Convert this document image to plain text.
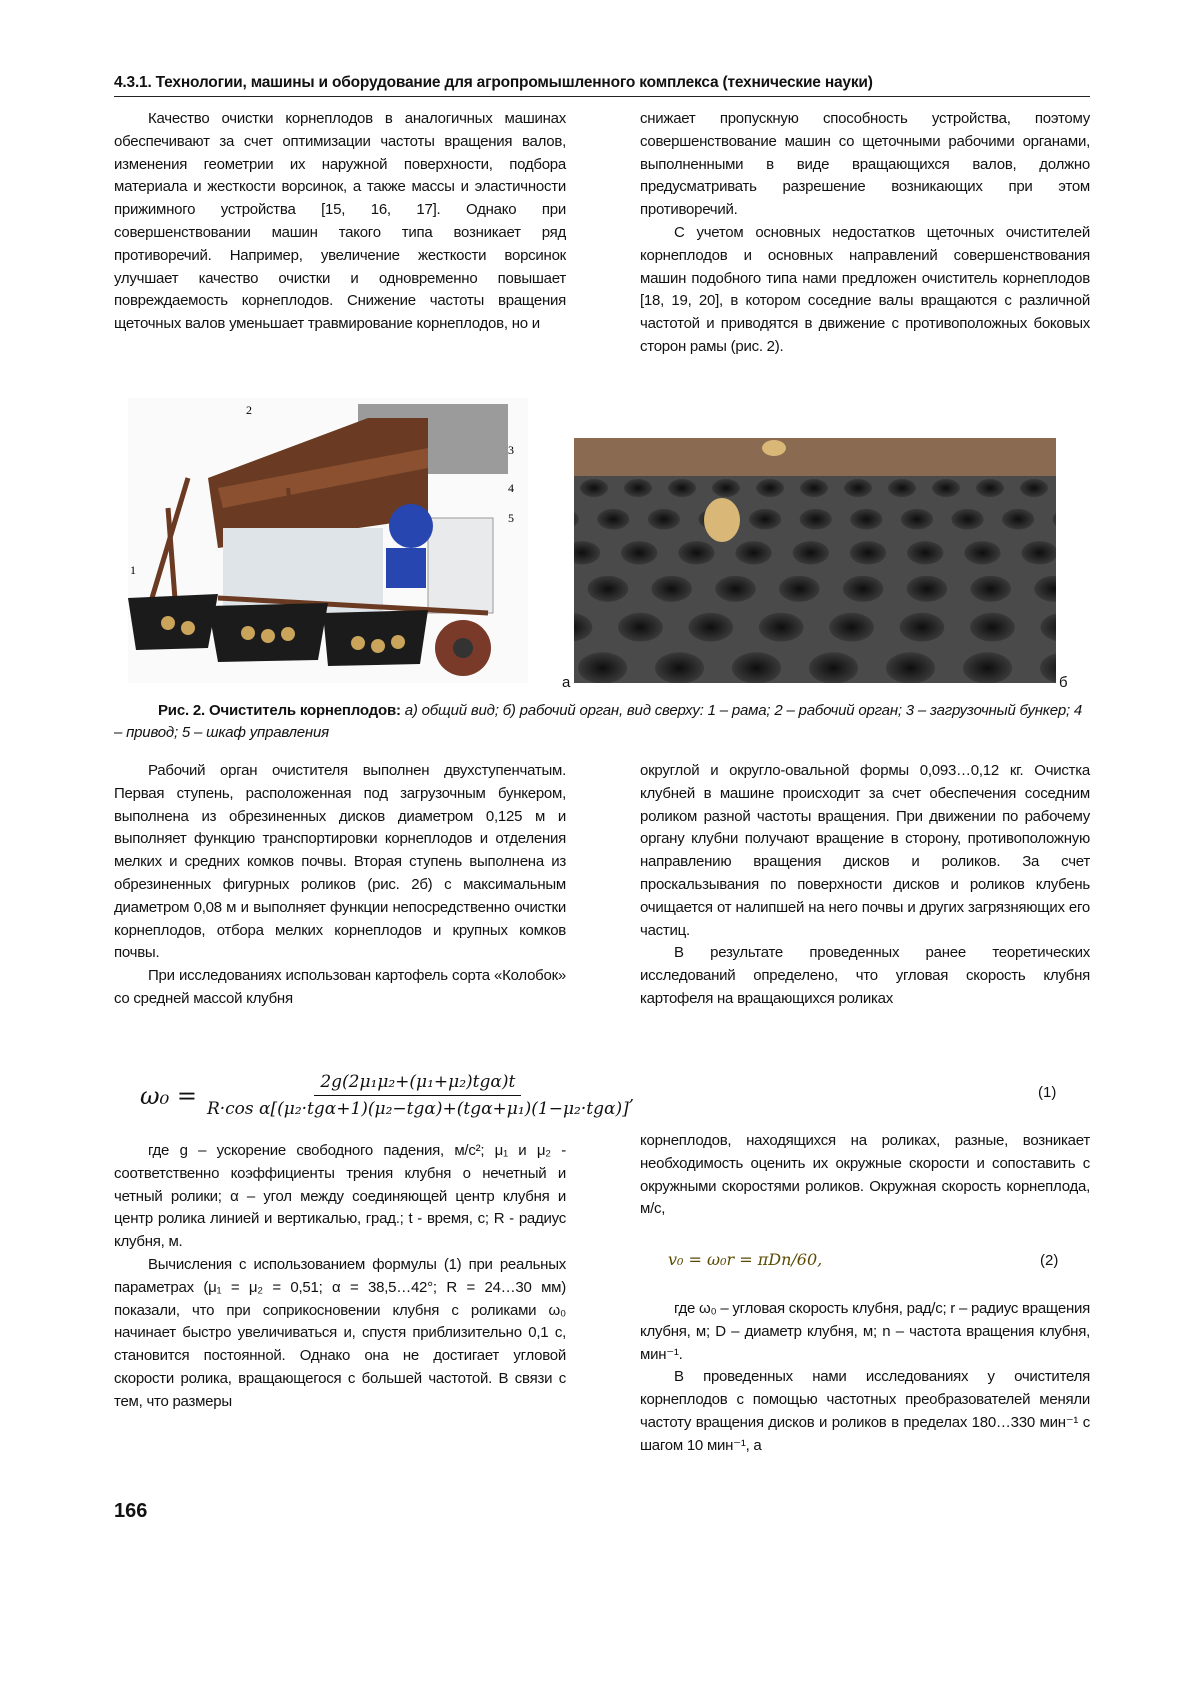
4.3.1. Технологии, машины и оборудование для агропромышленного комплекса (технические науки)

Качество очистки корнеплодов в аналогичных машинах обеспечивают за счет оптимизации частоты вращения валов, изменения геометрии их наружной поверхности, подбора материала и жесткости ворсинок, а также массы и эластичности прижимного устройства [15, 16, 17]. Однако при совершенствовании машин такого типа возникает ряд противоречий. Например, увеличение жесткости ворсинок улучшает качество очистки и одновременно повышает повреждаемость корнеплодов. Снижение частоты вращения щеточных валов уменьшает травмирование корнеплодов, но и

снижает пропускную способность устройства, поэтому совершенствование машин со щеточными рабочими органами, выполненными в виде вращающихся валов, должно предусматривать разрешение возникающих при этом противоречий.

С учетом основных недостатков щеточных очистителей корнеплодов и основных направлений совершенствования машин подобного типа нами предложен очиститель корнеплодов [18, 19, 20], в котором соседние валы вращаются с различной частотой и приводятся в движение с противоположных боковых сторон рамы (рис. 2).

2
3
4
5
1
а	б
Рис. 2. Очиститель корнеплодов: а) общий вид; б) рабочий орган, вид сверху: 1 – рама; 2 – рабочий орган; 3 – загрузочный бункер; 4 – привод; 5 – шкаф управления

Рабочий орган очистителя выполнен двухступенчатым. Первая ступень, расположенная под загрузочным бункером, выполнена из обрезиненных дисков диаметром 0,125 м и выполняет функцию транспортировки корнеплодов и отделения мелких и средних комков почвы. Вторая ступень выполнена из обрезиненных фигурных роликов (рис. 2б) с максимальным диаметром 0,08 м и выполняет функции непосредственно очистки корнеплодов, отбора мелких корнеплодов и крупных комков почвы.

При исследованиях использован картофель сорта «Колобок» со средней массой клубня

округлой и округло-овальной формы 0,093…0,12 кг. Очистка клубней в машине происходит за счет обеспечения соседним роликом разной частоты вращения. При движении по рабочему органу клубни получают вращение в сторону, противоположную направлению вращения дисков и роликов. За счет проскальзывания по поверхности дисков и роликов клубень очищается от налипшей на него почвы и других загрязняющих его частиц.

В результате проведенных ранее теоретических исследований определено, что угловая скорость клубня картофеля на вращающихся роликах

$\omega_0 = \frac{\text{2g(2μ₁μ₂+(μ₁+μ₂)tgα)t}}{\text{R·cos α[(μ₂·tgα+1)(μ₂−tgα)+(tgα+μ₁)(1−μ₂·tgα)]}}$ ,	(1)

где g – ускорение свободного падения, м/с²; μ₁ и μ₂ - соответственно коэффициенты трения клубня о нечетный и четный ролики; α – угол между соединяющей центр клубня и центр ролика линией и вертикалью, град.; t - время, с; R - радиус клубня, м.

Вычисления с использованием формулы (1) при реальных параметрах (μ₁ = μ₂ = 0,51; α = 38,5…42°; R = 24…30 мм) показали, что при соприкосновении клубня с роликами ω₀ начинает быстро увеличиваться и, спустя приблизительно 0,1 с, становится постоянной. Однако она не достигает угловой скорости ролика, вращающегося с большей частотой. В связи с тем, что размеры

корнеплодов, находящихся на роликах, разные, возникает необходимость оценить их окружные скорости и сопоставить с окружными скоростями роликов. Окружная скорость корнеплода, м/с,

v₀ = ω₀r = πDn/60,	(2)

где ω₀ – угловая скорость клубня, рад/с; r – радиус вращения клубня, м; D – диаметр клубня, м; n – частота вращения клубня, мин⁻¹.

В проведенных нами исследованиях у очистителя корнеплодов с помощью частотных преобразователей меняли частоту вращения дисков и роликов в пределах 180…330 мин⁻¹ с шагом 10 мин⁻¹, а

166
